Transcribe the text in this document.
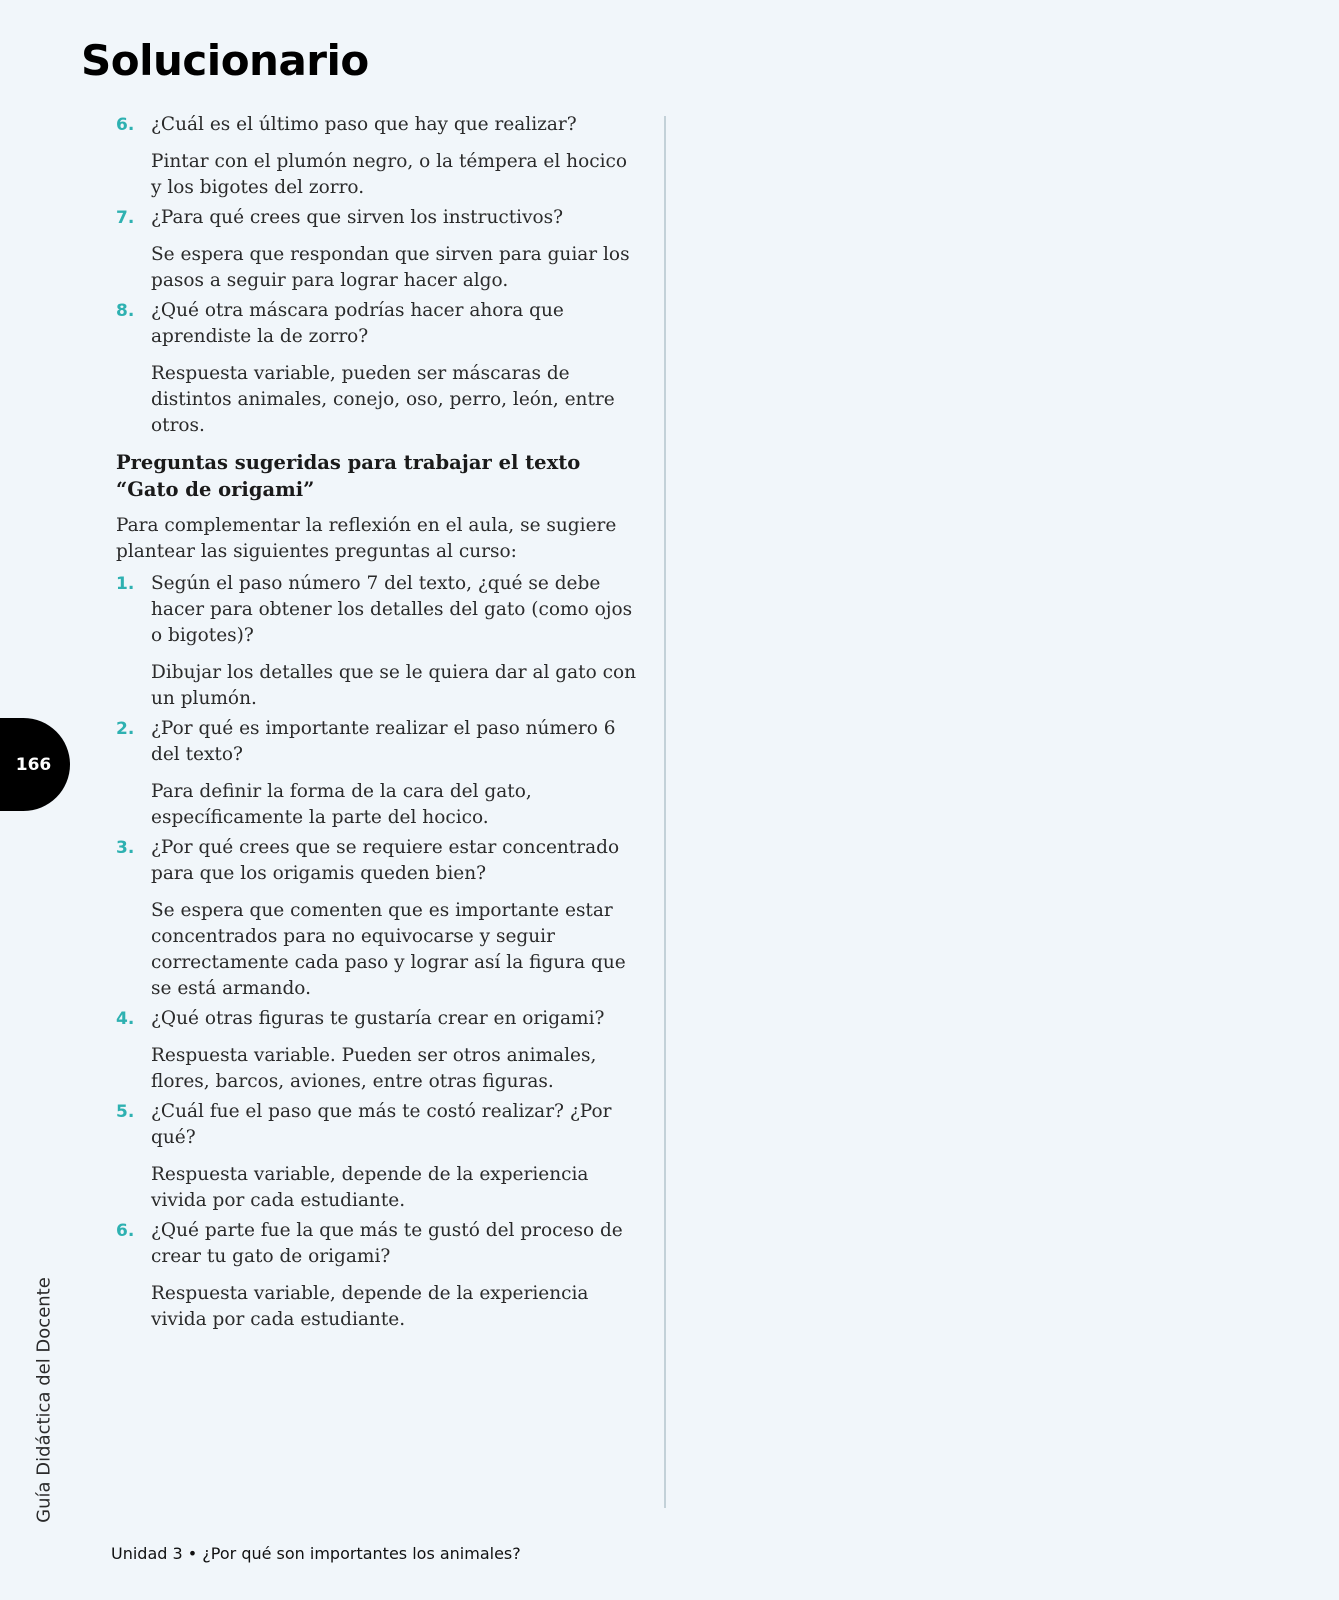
Solucionario
6. ¿Cuál es el último paso que hay que realizar?
Pintar con el plumón negro, o la témpera el hocico y los bigotes del zorro.
7. ¿Para qué crees que sirven los instructivos?
Se espera que respondan que sirven para guiar los pasos a seguir para lograr hacer algo.
8. ¿Qué otra máscara podrías hacer ahora que aprendiste la de zorro?
Respuesta variable, pueden ser máscaras de distintos animales, conejo, oso, perro, león, entre otros.
Preguntas sugeridas para trabajar el texto “Gato de origami”
Para complementar la reflexión en el aula, se sugiere plantear las siguientes preguntas al curso:
1. Según el paso número 7 del texto, ¿qué se debe hacer para obtener los detalles del gato (como ojos o bigotes)?
Dibujar los detalles que se le quiera dar al gato con un plumón.
2. ¿Por qué es importante realizar el paso número 6 del texto?
Para definir la forma de la cara del gato, específicamente la parte del hocico.
3. ¿Por qué crees que se requiere estar concentrado para que los origamis queden bien?
Se espera que comenten que es importante estar concentrados para no equivocarse y seguir correctamente cada paso y lograr así la figura que se está armando.
4. ¿Qué otras figuras te gustaría crear en origami?
Respuesta variable. Pueden ser otros animales, flores, barcos, aviones, entre otras figuras.
5. ¿Cuál fue el paso que más te costó realizar? ¿Por qué?
Respuesta variable, depende de la experiencia vivida por cada estudiante.
6. ¿Qué parte fue la que más te gustó del proceso de crear tu gato de origami?
Respuesta variable, depende de la experiencia vivida por cada estudiante.
166
Guía Didáctica del Docente
Unidad 3 • ¿Por qué son importantes los animales?
